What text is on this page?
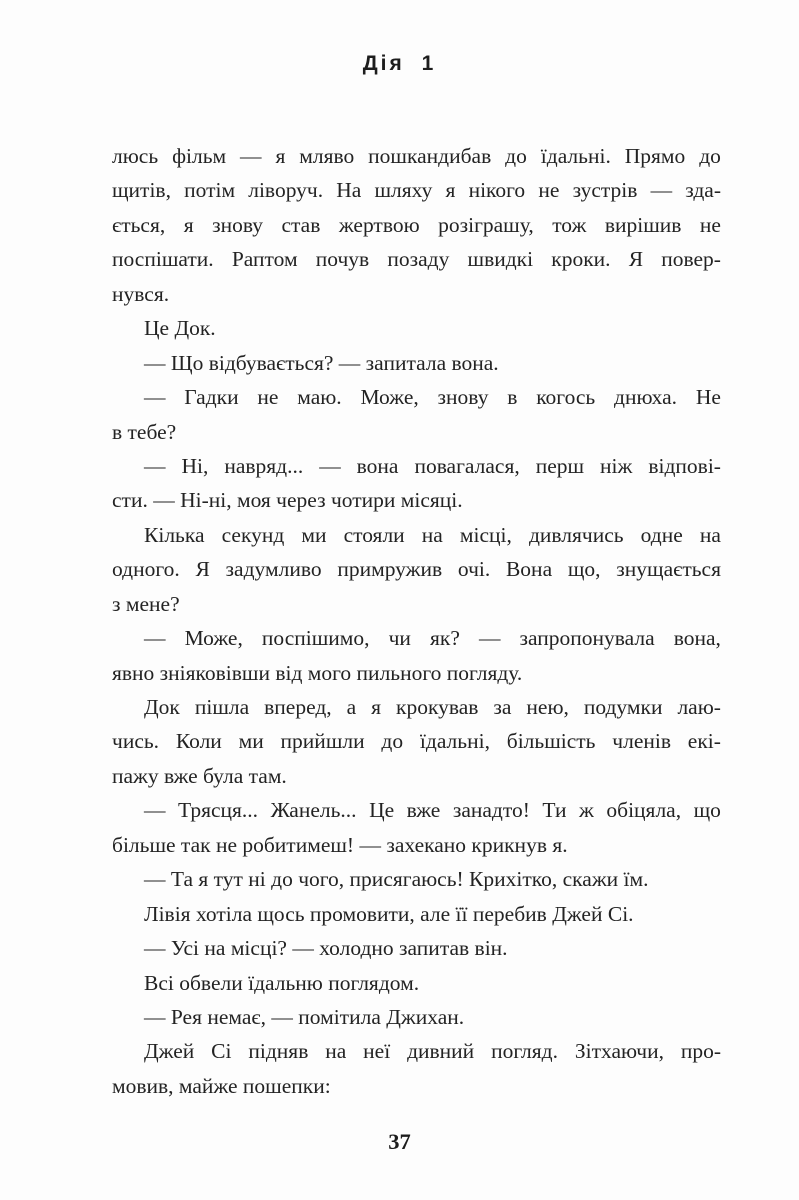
Дія 1
люсь фільм — я мляво пошкандибав до їдальні. Прямо до
щитів, потім ліворуч. На шляху я нікого не зустрів — зда-
ється, я знову став жертвою розіграшу, тож вирішив не
поспішати. Раптом почув позаду швидкі кроки. Я повер-
нувся.
Це Док.
— Що відбувається? — запитала вона.
— Гадки не маю. Може, знову в когось днюха. Не
в тебе?
— Ні, навряд... — вона повагалася, перш ніж відпові-
сти. — Ні-ні, моя через чотири місяці.
Кілька секунд ми стояли на місці, дивлячись одне на
одного. Я задумливо примружив очі. Вона що, знущається
з мене?
— Може, поспішимо, чи як? — запропонувала вона,
явно зніяковівши від мого пильного погляду.
Док пішла вперед, а я крокував за нею, подумки лаю-
чись. Коли ми прийшли до їдальні, більшість членів екі-
пажу вже була там.
— Трясця... Жанель... Це вже занадто! Ти ж обіцяла, що
більше так не робитимеш! — захекано крикнув я.
— Та я тут ні до чого, присягаюсь! Крихітко, скажи їм.
Лівія хотіла щось промовити, але її перебив Джей Сі.
— Усі на місці? — холодно запитав він.
Всі обвели їдальню поглядом.
— Рея немає, — помітила Джихан.
Джей Сі підняв на неї дивний погляд. Зітхаючи, про-
мовив, майже пошепки:
37
